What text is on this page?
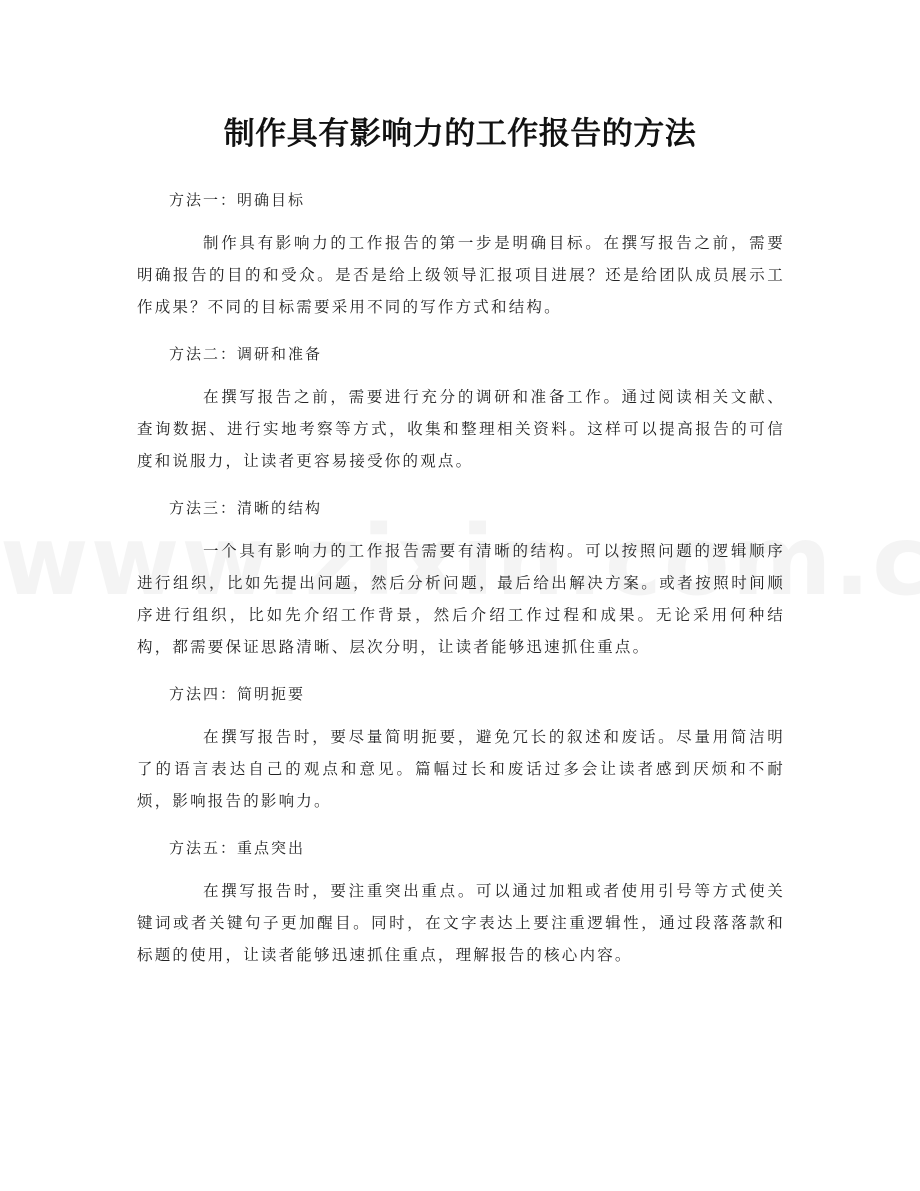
制作具有影响力的工作报告的方法

方法一：明确目标

制作具有影响力的工作报告的第一步是明确目标。在撰写报告之前，需要明确报告的目的和受众。是否是给上级领导汇报项目进展？还是给团队成员展示工作成果？不同的目标需要采用不同的写作方式和结构。

方法二：调研和准备

在撰写报告之前，需要进行充分的调研和准备工作。通过阅读相关文献、查询数据、进行实地考察等方式，收集和整理相关资料。这样可以提高报告的可信度和说服力，让读者更容易接受你的观点。

方法三：清晰的结构

一个具有影响力的工作报告需要有清晰的结构。可以按照问题的逻辑顺序进行组织，比如先提出问题，然后分析问题，最后给出解决方案。或者按照时间顺序进行组织，比如先介绍工作背景，然后介绍工作过程和成果。无论采用何种结构，都需要保证思路清晰、层次分明，让读者能够迅速抓住重点。

方法四：简明扼要

在撰写报告时，要尽量简明扼要，避免冗长的叙述和废话。尽量用简洁明了的语言表达自己的观点和意见。篇幅过长和废话过多会让读者感到厌烦和不耐烦，影响报告的影响力。

方法五：重点突出

在撰写报告时，要注重突出重点。可以通过加粗或者使用引号等方式使关键词或者关键句子更加醒目。同时，在文字表达上要注重逻辑性，通过段落落款和标题的使用，让读者能够迅速抓住重点，理解报告的核心内容。
